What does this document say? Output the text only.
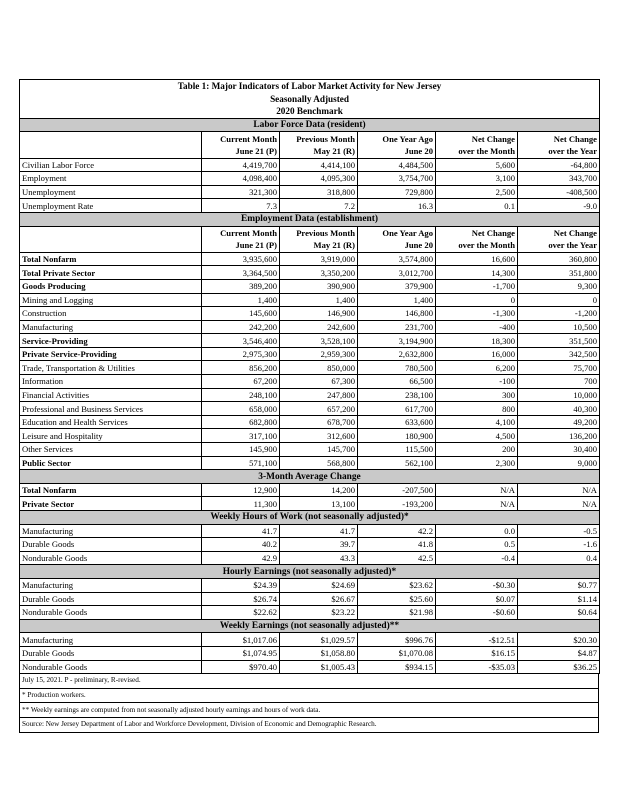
Table 1: Major Indicators of Labor Market Activity for New Jersey					
Seasonally Adjusted					
2020 Benchmark					
Labor Force Data (resident)					
	Current Month	Previous Month	One Year Ago	Net Change	Net Change
	June 21 (P)	May 21 (R)	June 20	over the Month	over the Year
Civilian Labor Force	4,419,700	4,414,100	4,484,500	5,600	-64,800
Employment	4,098,400	4,095,300	3,754,700	3,100	343,700
Unemployment	321,300	318,800	729,800	2,500	-408,500
Unemployment Rate	7.3	7.2	16.3	0.1	-9.0
Employment Data (establishment)					
	Current Month	Previous Month	One Year Ago	Net Change	Net Change
	June 21 (P)	May 21 (R)	June 20	over the Month	over the Year
Total Nonfarm	3,935,600	3,919,000	3,574,800	16,600	360,800
Total Private Sector	3,364,500	3,350,200	3,012,700	14,300	351,800
Goods Producing	389,200	390,900	379,900	-1,700	9,300
Mining and Logging	1,400	1,400	1,400	0	0
Construction	145,600	146,900	146,800	-1,300	-1,200
Manufacturing	242,200	242,600	231,700	-400	10,500
Service-Providing	3,546,400	3,528,100	3,194,900	18,300	351,500
Private Service-Providing	2,975,300	2,959,300	2,632,800	16,000	342,500
Trade, Transportation & Utilities	856,200	850,000	780,500	6,200	75,700
Information	67,200	67,300	66,500	-100	700
Financial Activities	248,100	247,800	238,100	300	10,000
Professional and Business Services	658,000	657,200	617,700	800	40,300
Education and Health Services	682,800	678,700	633,600	4,100	49,200
Leisure and Hospitality	317,100	312,600	180,900	4,500	136,200
Other Services	145,900	145,700	115,500	200	30,400
Public Sector	571,100	568,800	562,100	2,300	9,000
3-Month Average Change					
Total Nonfarm	12,900	14,200	-207,500	N/A	N/A
Private Sector	11,300	13,100	-193,200	N/A	N/A
Weekly Hours of Work (not seasonally adjusted)*					
Manufacturing	41.7	41.7	42.2	0.0	-0.5
Durable Goods	40.2	39.7	41.8	0.5	-1.6
Nondurable Goods	42.9	43.3	42.5	-0.4	0.4
Hourly Earnings (not seasonally adjusted)*					
Manufacturing	$24.39	$24.69	$23.62	-$0.30	$0.77
Durable Goods	$26.74	$26.67	$25.60	$0.07	$1.14
Nondurable Goods	$22.62	$23.22	$21.98	-$0.60	$0.64
Weekly Earnings (not seasonally adjusted)**					
Manufacturing	$1,017.06	$1,029.57	$996.76	-$12.51	$20.30
Durable Goods	$1,074.95	$1,058.80	$1,070.08	$16.15	$4.87
Nondurable Goods	$970.40	$1,005.43	$934.15	-$35.03	$36.25
July 15, 2021. P - preliminary, R-revised.
* Production workers.
** Weekly earnings are computed from not seasonally adjusted hourly earnings and hours of work data.
Source: New Jersey Department of Labor and Workforce Development, Division of Economic and Demographic Research.
